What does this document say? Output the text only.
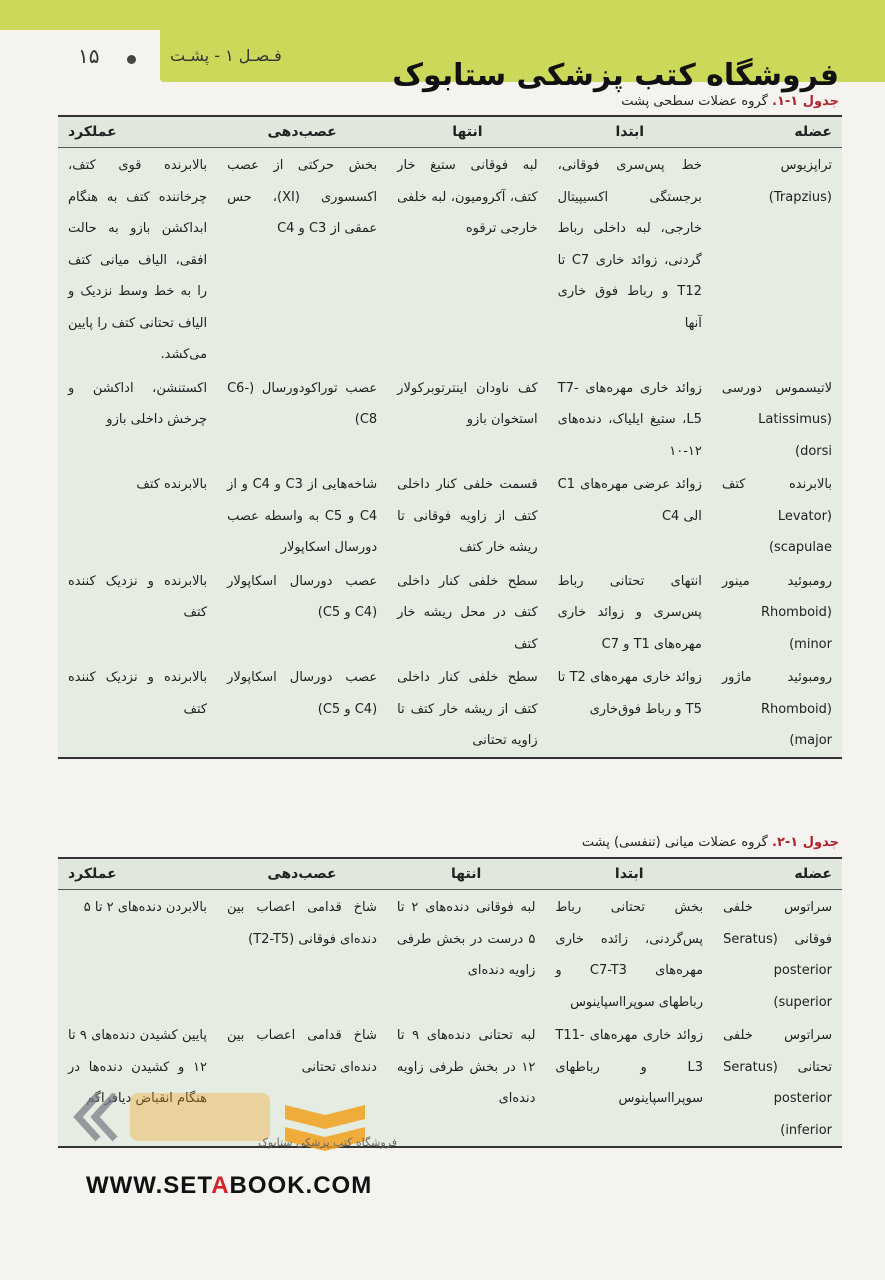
فـصـل ۱ - پشـت
۱۵
فروشگاه کتب پزشکی ستابوک
جدول ۱-۱. گروه عضلات سطحی پشت
عضله	ابتدا	انتها	عصب‌دهی	عملکرد
ترا‌پزیوس (Trapzius)	خط پس‌سری فوقانی، برجستگی اکسیپیتال خارجی، لبه داخلی رباط گردنی، زوائد خاری C7 تا T12 و رباط فوق خاری آنها	لبه فوقانی ستیغ خار کتف، آکرومیون، لبه خلفی خارجی ترقوه	بخش حرکتی از عصب اکسسوری (XI)، حس عمقی از C3 و C4	بالابرنده قوی کتف، چرخاننده کتف به هنگام ابداکشن بازو به حالت افقی، الیاف میانی کتف را به خط وسط نزدیک و الیاف تحتانی کتف را پایین می‌کشد.
لاتیسموس دورسی (Latissimus dorsi)	زوائد خاری مهره‌های T7-L5، ستیغ ایلیاک، دنده‌های ۱۲-۱۰	کف ناودان اینترتوبرکولار استخوان بازو	عصب توراکودورسال (C6-C8)	اکستنشن، اداکشن و چرخش داخلی بازو
بالابرنده کتف (Levator scapulae)	زوائد عرضی مهره‌های C1 الی C4	قسمت خلفی کنار داخلی کتف از زاویه فوقانی تا ریشه خار کتف	شاخه‌هایی از C3 و C4 و از C4 و C5 به واسطه عصب دورسال اسکاپولار	بالابرنده کتف
رومبوئید مینور (Rhomboid minor)	انتهای تحتانی رباط پس‌سری و زوائد خاری مهره‌های T1 و C7	سطح خلفی کنار داخلی کتف در محل ریشه خار کتف	عصب دورسال اسکاپولار (C4 و C5)	بالابرنده و نزدیک کننده کتف
رومبوئید ماژور (Rhomboid major)	زوائد خاری مهره‌های T2 تا T5 و رباط فوق‌خاری	سطح خلفی کنار داخلی کتف از ریشه خار کتف تا زاویه تحتانی	عصب دورسال اسکاپولار (C4 و C5)	بالابرنده و نزدیک کننده کتف
جدول ۱-۲. گروه عضلات میانی (تنفسی) پشت
عضله	ابتدا	انتها	عصب‌دهی	عملکرد
سراتوس خلفی فوقانی (Seratus posterior superior)	بخش تحتانی رباط پس‌گردنی، زائده خاری مهره‌های C7-T3 و رباطهای سوپرااسپاینوس	لبه فوقانی دنده‌های ۲ تا ۵ درست در بخش طرفی زاویه دنده‌ای	شاخ قدامی اعصاب بین دنده‌ای فوقانی (T2-T5)	بالابردن دنده‌های ۲ تا ۵
سراتوس خلفی تحتانی (Seratus posterior inferior)	زوائد خاری مهره‌های T11-L3 و رباطهای سوپرااسپاینوس	لبه تحتانی دنده‌های ۹ تا ۱۲ در بخش طرفی زاویه دنده‌ای	شاخ قدامی اعصاب بین دنده‌ای تحتانی	پایین کشیدن دنده‌های ۹ تا ۱۲ و کشیدن دنده‌ها در هنگام انقباض دیافراگم
فروشگاه کتب پزشکی ستابوک
WWW.SETABOOK.COM
